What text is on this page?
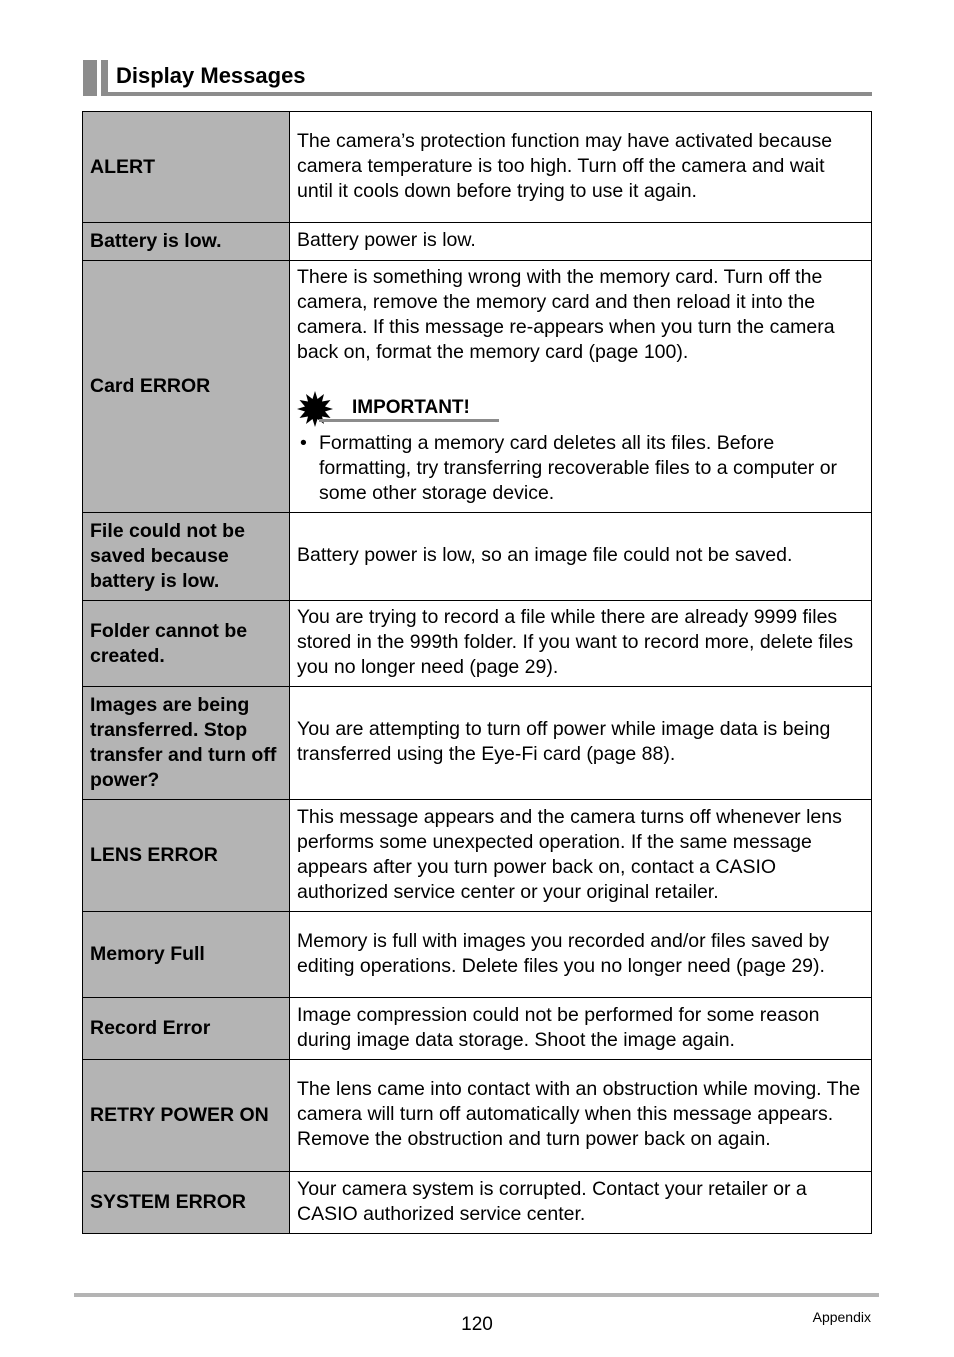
Display Messages
ALERT	The camera’s protection function may have activated because camera temperature is too high. Turn off the camera and wait until it cools down before trying to use it again.
Battery is low.	Battery power is low.
Card ERROR	There is something wrong with the memory card. Turn off the camera, remove the memory card and then reload it into the camera. If this message re-appears when you turn the camera back on, format the memory card (page 100).
IMPORTANT!
• Formatting a memory card deletes all its files. Before formatting, try transferring recoverable files to a computer or some other storage device.

File could not be saved because battery is low.	Battery power is low, so an image file could not be saved.
Folder cannot be created.	You are trying to record a file while there are already 9999 files stored in the 999th folder. If you want to record more, delete files you no longer need (page 29).
Images are being transferred. Stop transfer and turn off power?	You are attempting to turn off power while image data is being transferred using the Eye-Fi card (page 88).
LENS ERROR	This message appears and the camera turns off whenever lens performs some unexpected operation. If the same message appears after you turn power back on, contact a CASIO authorized service center or your original retailer.
Memory Full	Memory is full with images you recorded and/or files saved by editing operations. Delete files you no longer need (page 29).
Record Error	Image compression could not be performed for some reason during image data storage. Shoot the image again.
RETRY POWER ON	The lens came into contact with an obstruction while moving. The camera will turn off automatically when this message appears. Remove the obstruction and turn power back on again.
SYSTEM ERROR	Your camera system is corrupted. Contact your retailer or a CASIO authorized service center.
120	Appendix
